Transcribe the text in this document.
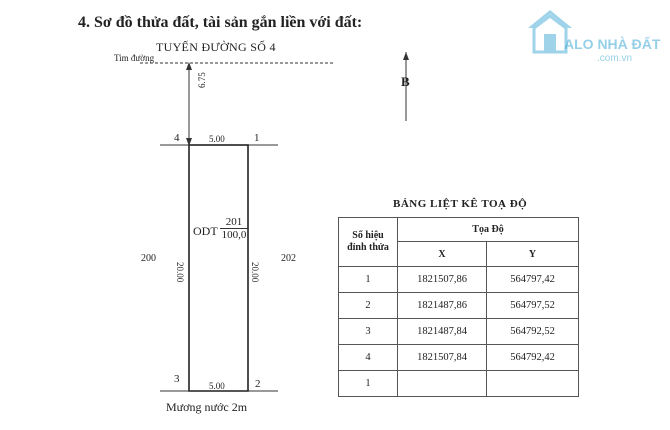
4. Sơ đồ thửa đất, tài sản gắn liền với đất:
TUYẾN ĐƯỜNG SỐ 4
Tim đường
6.75
4	1
3	2
5.00
5.00
20.00	20.00
ODT
201
100,0
200	202
Mương nước 2m
B
BẢNG LIỆT KÊ TOẠ ĐỘ
Số hiệu đỉnh thửa	Tọa Độ	
	X	Y
1	1821507,86	564797,42
2	1821487,86	564797,52
3	1821487,84	564792,52
4	1821507,84	564792,42
1		
ALO NHÀ ĐẤT
.com.vn
